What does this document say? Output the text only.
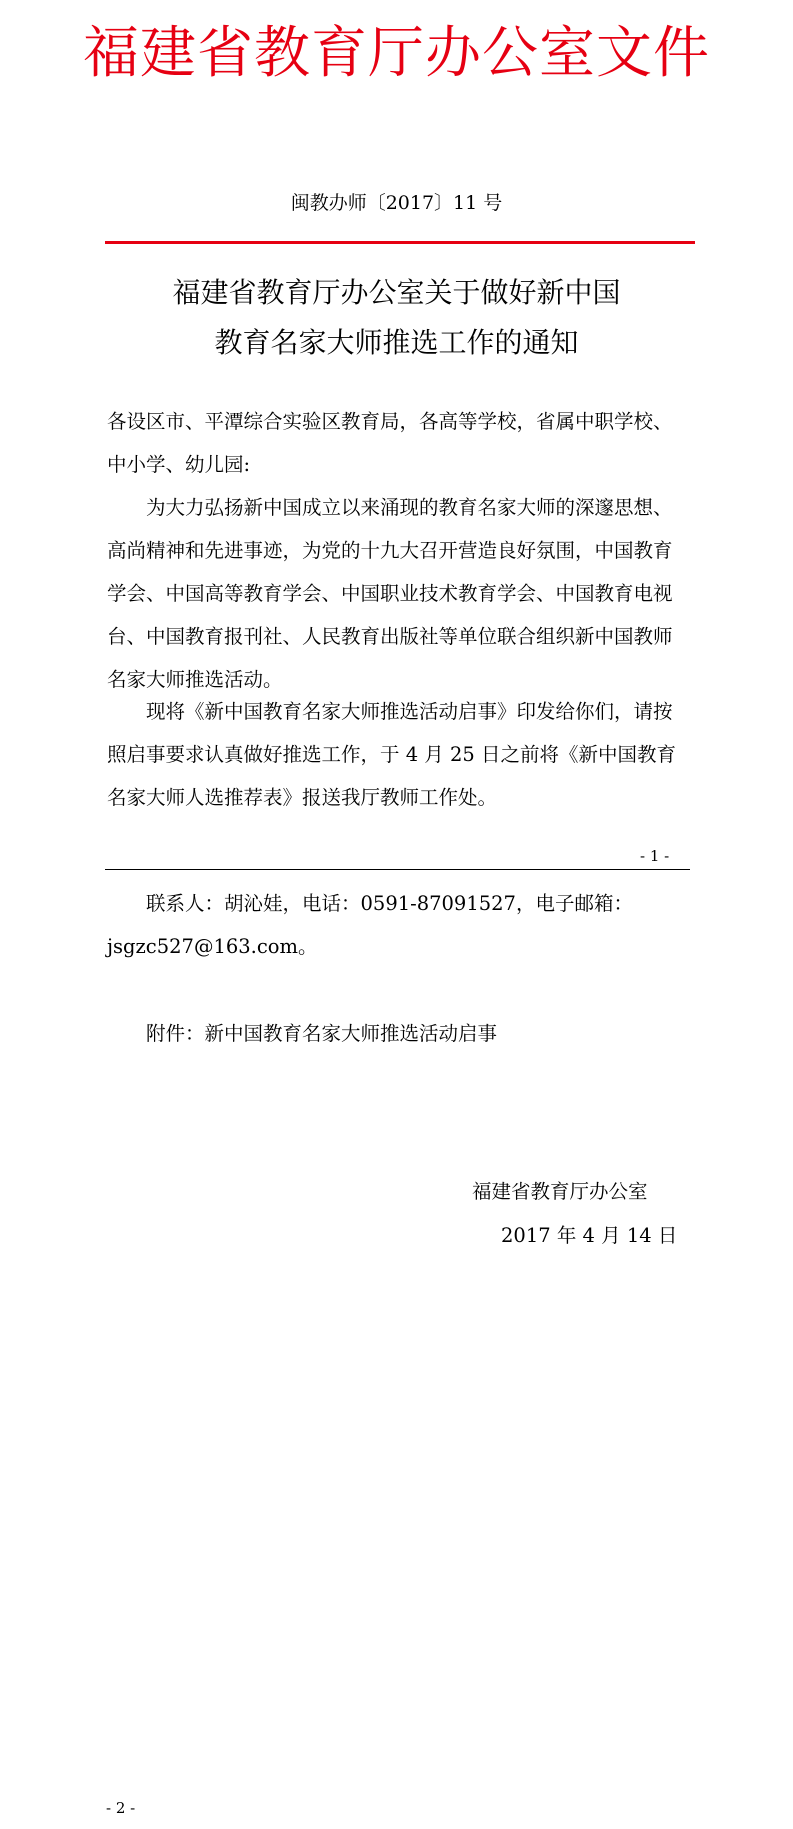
福建省教育厅办公室文件
闽教办师〔2017〕11 号
福建省教育厅办公室关于做好新中国
教育名家大师推选工作的通知
各设区市、平潭综合实验区教育局，各高等学校，省属中职学校、中小学、幼儿园:
为大力弘扬新中国成立以来涌现的教育名家大师的深邃思想、高尚精神和先进事迹，为党的十九大召开营造良好氛围，中国教育学会、中国高等教育学会、中国职业技术教育学会、中国教育电视台、中国教育报刊社、人民教育出版社等单位联合组织新中国教师名家大师推选活动。
现将《新中国教育名家大师推选活动启事》印发给你们，请按照启事要求认真做好推选工作，于 4 月 25 日之前将《新中国教育名家大师人选推荐表》报送我厅教师工作处。
- 1 -
联系人：胡沁娃，电话：0591-87091527，电子邮箱：jsgzc527@163.com。
附件：新中国教育名家大师推选活动启事
福建省教育厅办公室
2017 年 4 月 14 日
- 2 -
